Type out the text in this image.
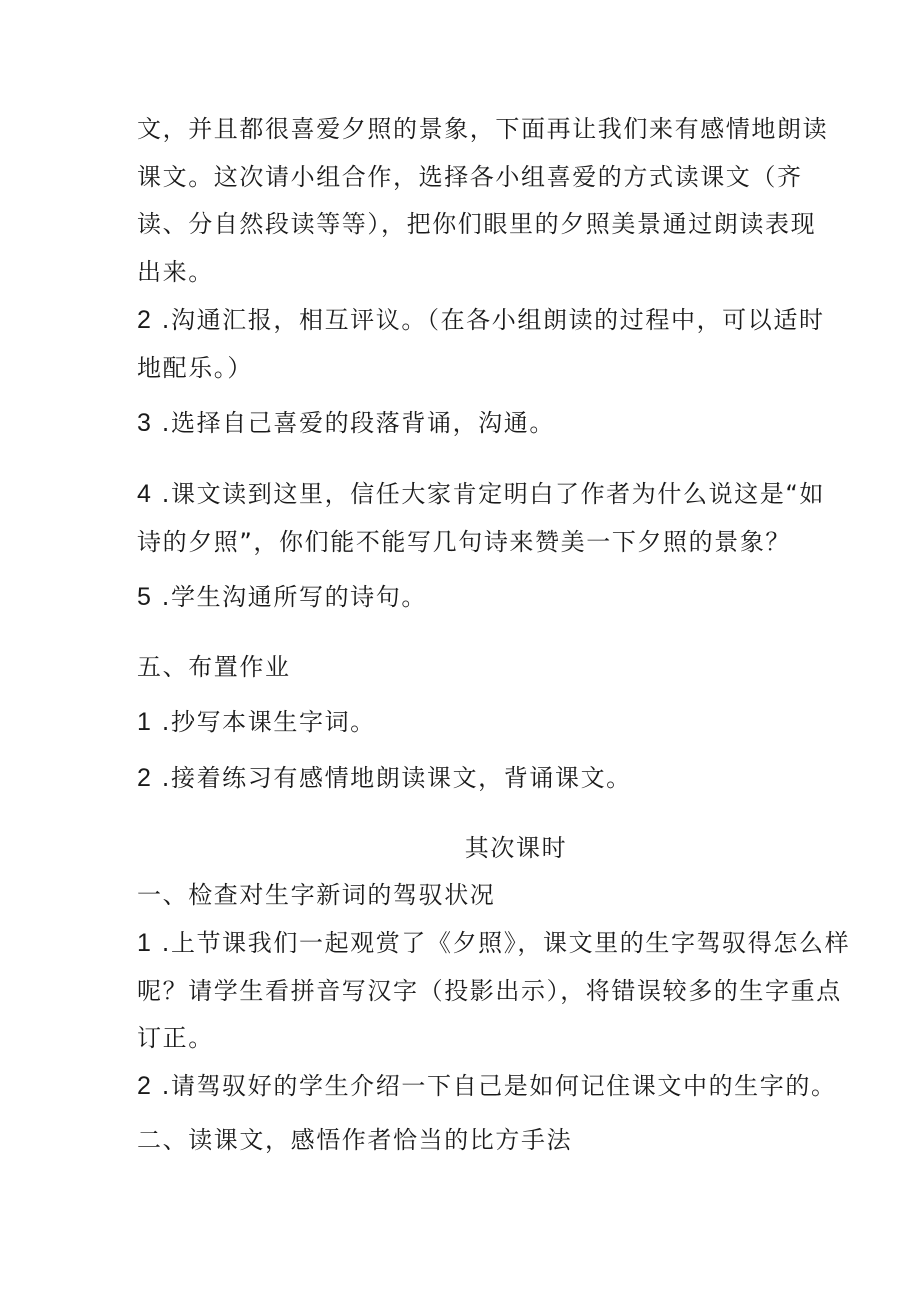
文，并且都很喜爱夕照的景象，下面再让我们来有感情地朗读
课文。这次请小组合作，选择各小组喜爱的方式读课文（齐
读、分自然段读等等），把你们眼里的夕照美景通过朗读表现
出来。
2 .沟通汇报，相互评议。（在各小组朗读的过程中，可以适时
地配乐。）
3 .选择自己喜爱的段落背诵，沟通。
4 .课文读到这里，信任大家肯定明白了作者为什么说这是“如
诗的夕照”，你们能不能写几句诗来赞美一下夕照的景象？
5 .学生沟通所写的诗句。
五、布置作业
1 .抄写本课生字词。
2 .接着练习有感情地朗读课文，背诵课文。
其次课时
一、检查对生字新词的驾驭状况
1 .上节课我们一起观赏了《夕照》，课文里的生字驾驭得怎么样
呢？请学生看拼音写汉字（投影出示），将错误较多的生字重点
订正。
2 .请驾驭好的学生介绍一下自己是如何记住课文中的生字的。
二、读课文，感悟作者恰当的比方手法
